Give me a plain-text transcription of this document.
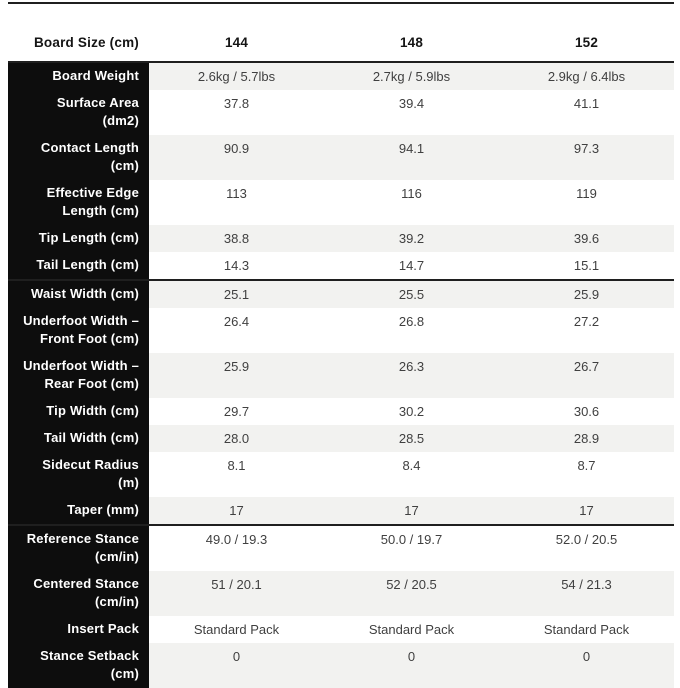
Board Size (cm)	144	148	152
Board Weight	2.6kg / 5.7lbs	2.7kg / 5.9lbs	2.9kg / 6.4lbs
Surface Area (dm2)	37.8	39.4	41.1
Contact Length (cm)	90.9	94.1	97.3
Effective Edge Length (cm)	113	116	119
Tip Length (cm)	38.8	39.2	39.6
Tail Length (cm)	14.3	14.7	15.1
Waist Width (cm)	25.1	25.5	25.9
Underfoot Width – Front Foot (cm)	26.4	26.8	27.2
Underfoot Width – Rear Foot (cm)	25.9	26.3	26.7
Tip Width (cm)	29.7	30.2	30.6
Tail Width (cm)	28.0	28.5	28.9
Sidecut Radius (m)	8.1	8.4	8.7
Taper (mm)	17	17	17
Reference Stance (cm/in)	49.0 / 19.3	50.0 / 19.7	52.0 / 20.5
Centered Stance (cm/in)	51 / 20.1	52 / 20.5	54 / 21.3
Insert Pack	Standard Pack	Standard Pack	Standard Pack
Stance Setback (cm)	0	0	0
